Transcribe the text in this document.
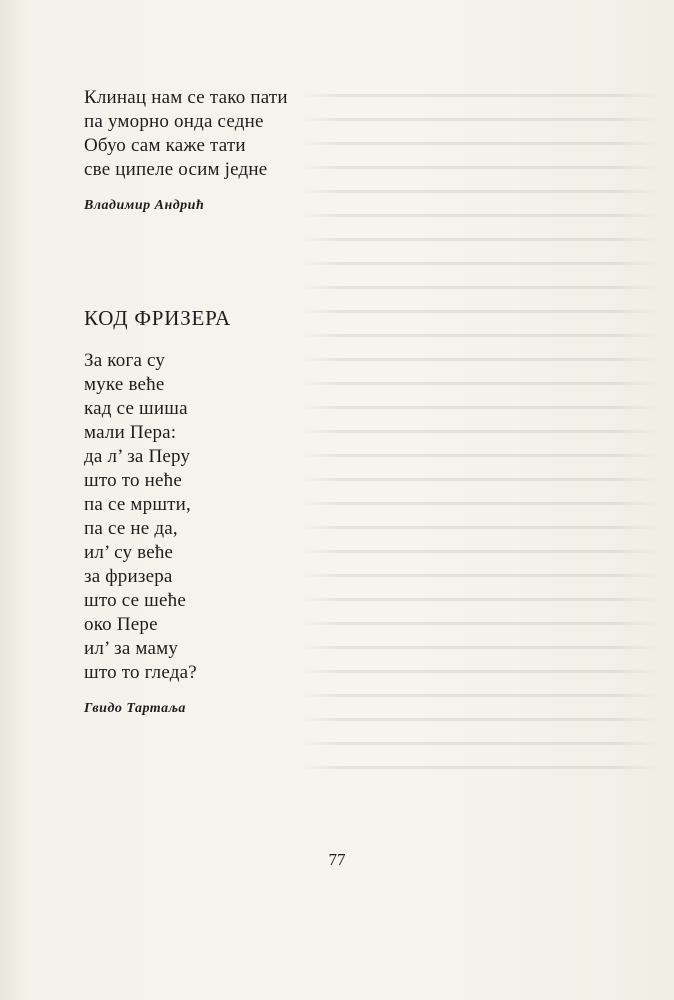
Клинац нам се тако пати
па уморно онда седне
Обуо сам каже тати
све ципеле осим једне
Владимир Андрић
КОД ФРИЗЕРА
За кога су
муке веће
кад се шиша
мали Пера:
да л’ за Перу
што то неће
па се мршти,
па се не да,
ил’ су веће
за фризера
што се шеће
око Пере
ил’ за маму
што то гледа?
Гвидо Тартаља
77
